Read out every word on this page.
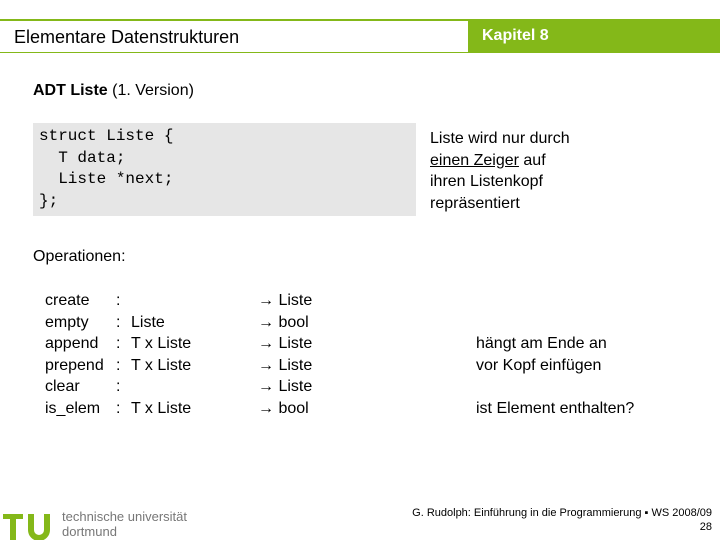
Elementare Datenstrukturen	Kapitel 8
ADT Liste (1. Version)
struct Liste {
T data;
Liste *next;
};
Liste wird nur durch
einen Zeiger auf
ihren Listenkopf
repräsentiert
Operationen:
create :	→ Liste
empty : Liste	→ bool
append : T x Liste	→ Liste	hängt am Ende an
prepend : T x Liste	→ Liste	vor Kopf einfügen
clear :	→ Liste
is_elem : T x Liste	→ bool	ist Element enthalten?
technische universität
dortmund
G. Rudolph: Einführung in die Programmierung ▪ WS 2008/09
28
